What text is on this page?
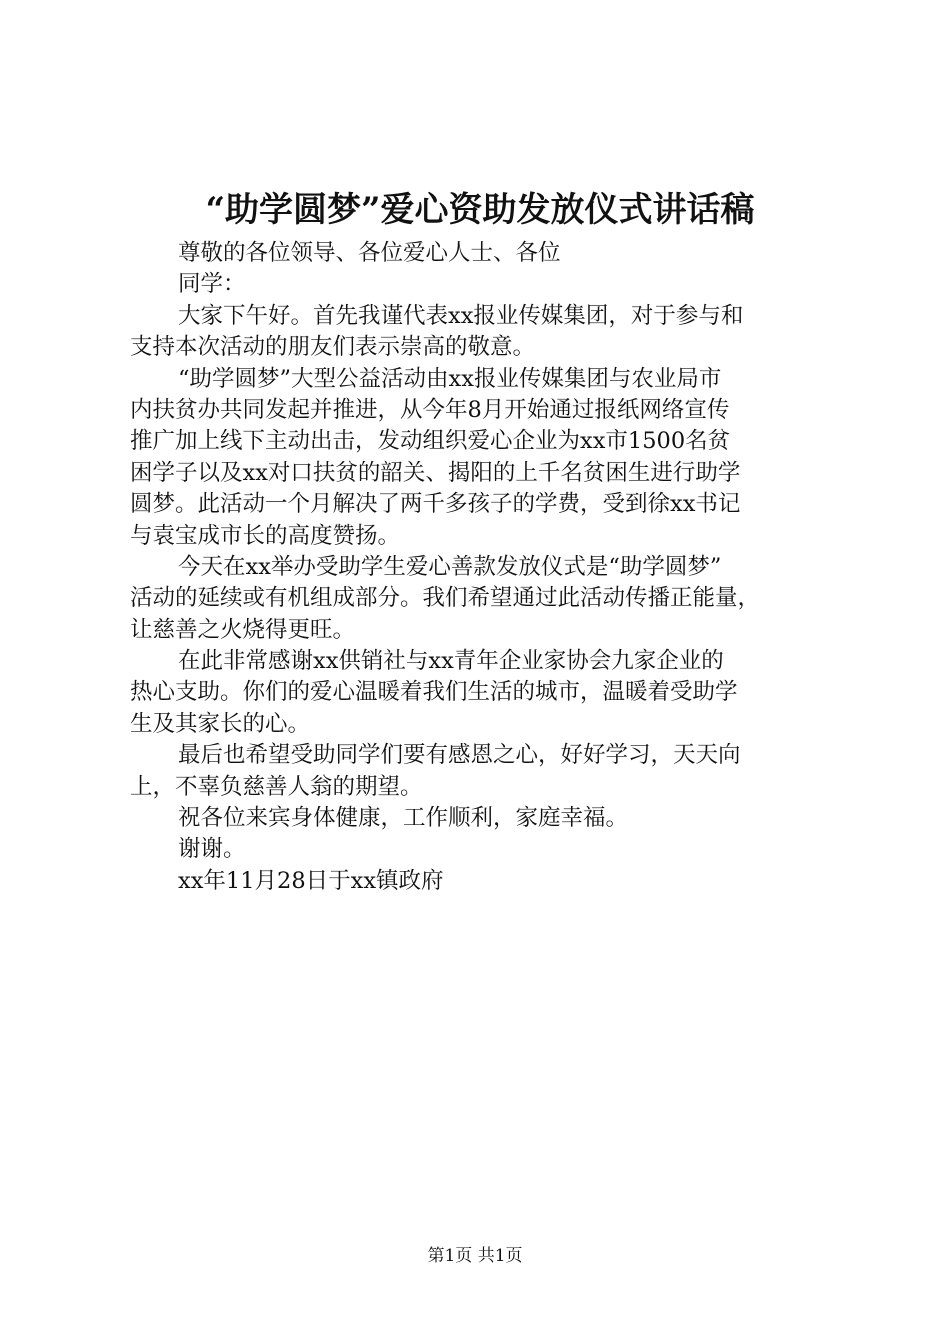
“助学圆梦”爱心资助发放仪式讲话稿
尊敬的各位领导、各位爱心人士、各位
同学：
大家下午好。首先我谨代表xx报业传媒集团，对于参与和
支持本次活动的朋友们表示崇高的敬意。
“助学圆梦”大型公益活动由xx报业传媒集团与农业局市
内扶贫办共同发起并推进，从今年8月开始通过报纸网络宣传
推广加上线下主动出击，发动组织爱心企业为xx市1500名贫
困学子以及xx对口扶贫的韶关、揭阳的上千名贫困生进行助学
圆梦。此活动一个月解决了两千多孩子的学费，受到徐xx书记
与袁宝成市长的高度赞扬。
今天在xx举办受助学生爱心善款发放仪式是“助学圆梦”
活动的延续或有机组成部分。我们希望通过此活动传播正能量，
让慈善之火烧得更旺。
在此非常感谢xx供销社与xx青年企业家协会九家企业的
热心支助。你们的爱心温暖着我们生活的城市，温暖着受助学
生及其家长的心。
最后也希望受助同学们要有感恩之心，好好学习，天天向
上，不辜负慈善人翁的期望。
祝各位来宾身体健康，工作顺利，家庭幸福。
谢谢。
xx年11月28日于xx镇政府
第1页 共1页
